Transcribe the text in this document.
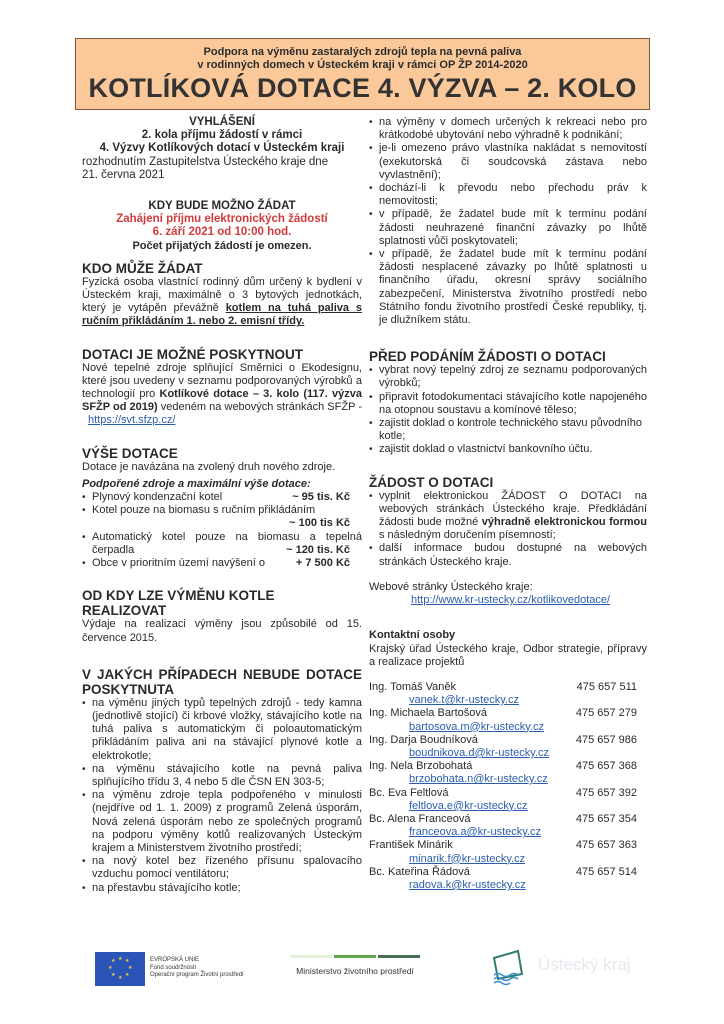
Podpora na výměnu zastaralých zdrojů tepla na pevná paliva
v rodinných domech v Ústeckém kraji v rámci OP ŽP 2014-2020
KOTLÍKOVÁ DOTACE 4. VÝZVA – 2. KOLO
VYHLÁŠENÍ
2. kola příjmu žádostí v rámci
4. Výzvy Kotlíkových dotací v Ústeckém kraji
rozhodnutím Zastupitelstva Ústeckého kraje dne
21. června 2021
KDY BUDE MOŽNO ŽÁDAT
Zahájení příjmu elektronických žádostí
6. září 2021 od 10:00 hod.
Počet přijatých žádostí je omezen.
KDO MŮŽE ŽÁDAT
Fyzická osoba vlastnící rodinný dům určený k bydlení v Ústeckém kraji, maximálně o 3 bytových jednotkách, který je vytápěn převážně kotlem na tuhá paliva s ručním přikládáním 1. nebo 2. emisní třídy.
DOTACI JE MOŽNÉ POSKYTNOUT
Nové tepelné zdroje splňující Směrnici o Ekodesignu, které jsou uvedeny v seznamu podporovaných výrobků a technologií pro Kotlíkové dotace – 3. kolo (117. výzva SFŽP od 2019) vedeném na webových stránkách SFŽP - https://svt.sfzp.cz/
VÝŠE DOTACE
Dotace je navázána na zvolený druh nového zdroje.
Podpořené zdroje a maximální výše dotace:
• Plynový kondenzační kotel	~ 95 tis. Kč
• Kotel pouze na biomasu s ručním přikládáním
~ 100 tis Kč
• Automatický kotel pouze na biomasu a tepelná čerpadla	~ 120 tis. Kč
• Obce v prioritním území navýšení o	+ 7 500 Kč
OD KDY LZE VÝMĚNU KOTLE REALIZOVAT
Výdaje na realizaci výměny jsou způsobilé od 15. července 2015.
V JAKÝCH PŘÍPADECH NEBUDE DOTACE POSKYTNUTA
• na výměnu jiných typů tepelných zdrojů - tedy kamna (jednotlivě stojící) či krbové vložky, stávajícího kotle na tuhá paliva s automatickým či poloautomatickým přikládáním paliva ani na stávající plynové kotle a elektrokotle;
• na výměnu stávajícího kotle na pevná paliva splňujícího třídu 3, 4 nebo 5 dle ČSN EN 303-5;
• na výměnu zdroje tepla podpořeného v minulosti (nejdříve od 1. 1. 2009) z programů Zelená úsporám, Nová zelená úsporám nebo ze společných programů na podporu výměny kotlů realizovaných Ústeckým krajem a Ministerstvem životního prostředí;
• na nový kotel bez řízeného přísunu spalovacího vzduchu pomocí ventilátoru;
• na přestavbu stávajícího kotle;
• na výměny v domech určených k rekreaci nebo pro krátkodobé ubytování nebo výhradně k podnikání;
• je-li omezeno právo vlastníka nakládat s nemovitostí (exekutorská či soudcovská zástava nebo vyvlastnění);
• dochází-li k převodu nebo přechodu práv k nemovitosti;
• v případě, že žadatel bude mít k termínu podání žádosti neuhrazené finanční závazky po lhůtě splatnosti vůči poskytovateli;
• v případě, že žadatel bude mít k termínu podání žádosti nesplacené závazky po lhůtě splatnosti u finančního úřadu, okresní správy sociálního zabezpečení, Ministerstva životního prostředí nebo Státního fondu životního prostředí České republiky, tj. je dlužníkem státu.
PŘED PODÁNÍM ŽÁDOSTI O DOTACI
• vybrat nový tepelný zdroj ze seznamu podporovaných výrobků;
• připravit fotodokumentaci stávajícího kotle napojeného na otopnou soustavu a komínové těleso;
• zajistit doklad o kontrole technického stavu původního kotle;
• zajistit doklad o vlastnictví bankovního účtu.
ŽÁDOST O DOTACI
• vyplnit elektronickou ŽÁDOST O DOTACI na webových stránkách Ústeckého kraje. Předkládání žádosti bude možné výhradně elektronickou formou s následným doručením písemností;
• další informace budou dostupné na webových stránkách Ústeckého kraje.
Webové stránky Ústeckého kraje:
http://www.kr-ustecky.cz/kotlikovedotace/
Kontaktní osoby
Krajský úřad Ústeckého kraje, Odbor strategie, přípravy a realizace projektů
Ing. Tomáš Vaněk	475 657 511
vanek.t@kr-ustecky.cz
Ing. Michaela Bartošová	475 657 279
bartosova.m@kr-ustecky.cz
Ing. Darja Boudníková	475 657 986
boudnikova.d@kr-ustecky.cz
Ing. Nela Brzobohatá	475 657 368
brzobohata.n@kr-ustecky.cz
Bc. Eva Feltlová	475 657 392
feltlova.e@kr-ustecky.cz
Bc. Alena Franceová	475 657 354
franceova.a@kr-ustecky.cz
František Minárik	475 657 363
minarik.f@kr-ustecky.cz
Bc. Kateřina Řádová	475 657 514
radova.k@kr-ustecky.cz
★ ★
★
★
★
★
★
★	EVROPSKÁ UNIE
Fond soudržnosti
Operační program Životní prostředí	Ministerstvo životního prostředí	Ústecký kraj
